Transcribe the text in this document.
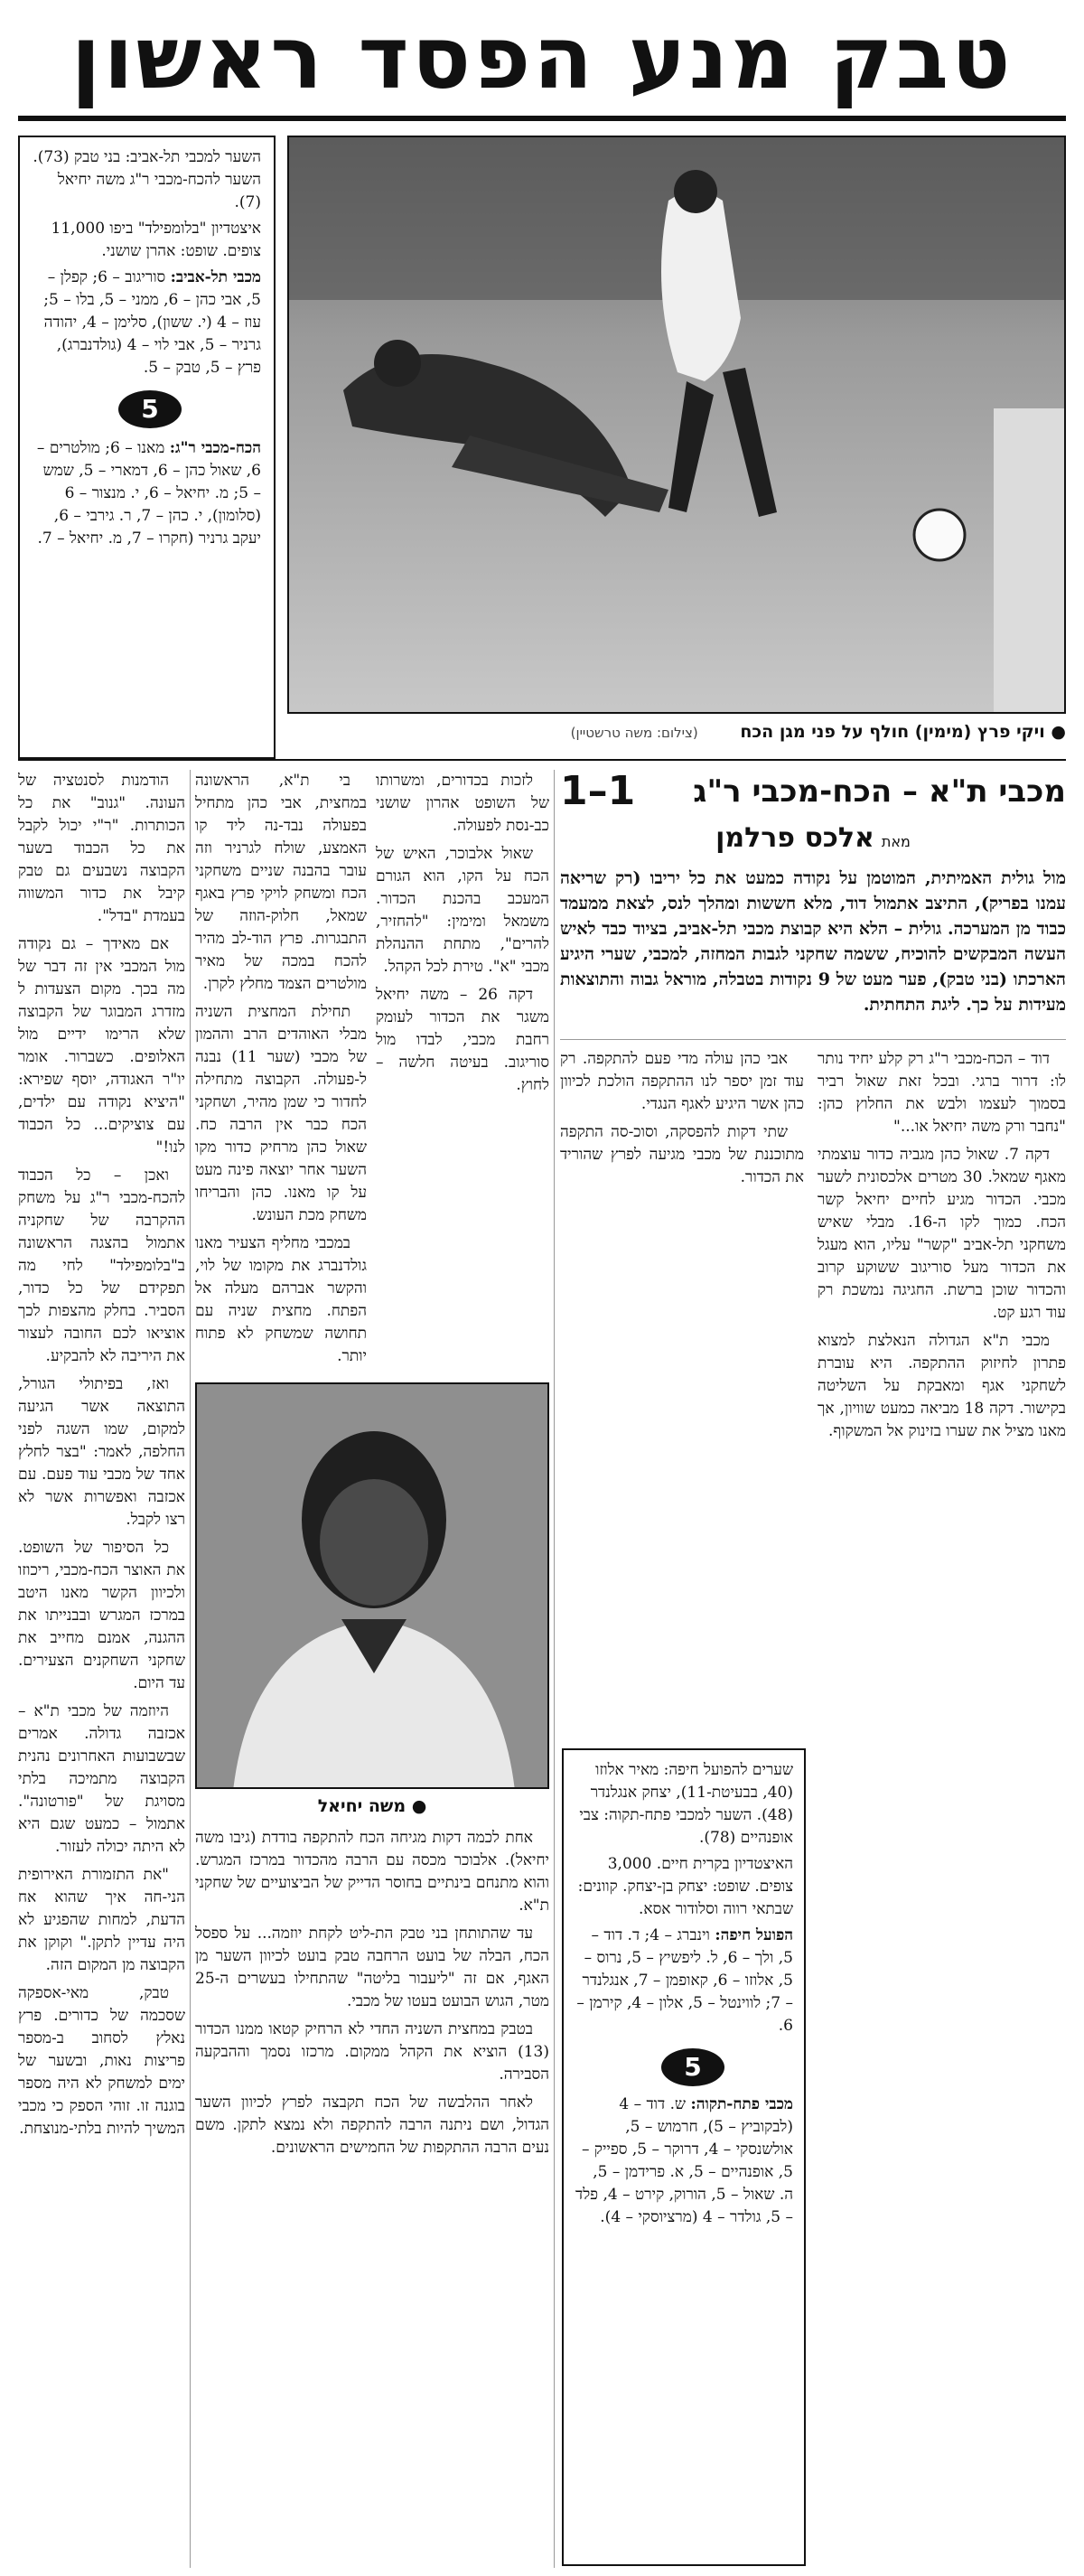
טבק מנע הפסד ראשון

השער למכבי תל-אביב: בני טבק (73). השער להכח-מכבי ר"ג משה יחיאל (7).

איצטדיון "בלומפילד" ביפו 11,000 צופים. שופט: אהרן שושני.

מכבי תל-אביב: סוריגוב – 6; קפלן – 5, אבי כהן – 6, ממני – 5, בלו – 5; עוז – 4 (י. ששון), סלימן – 4, יהודה גרניר – 5, אבי לוי – 4 (גולדנברג), פרץ – 5, טבק – 5.

5

הכח-מכבי ר"ג: מאנו – 6; מולטרים – 6, שאול כהן – 6, דמארי – 5, שמש – 5; מ. יחיאל – 6, י. מנצור – 6 (סלומון), י. כהן – 7, ר. גירבי – 6, יעקב גרניר (חקרו – 7, מ. יחיאל – 7.

● ויקי פרץ (מימין) חולף על פני מגן הכח (צילום: משה טרשטיין)
מכבי ת"א – הכח-מכבי ר"ג
1–1
מאתאלכס פרלמן
מול גולית האמיתית, המוטמן על נקודה כמעט את כל יריבו (רק שריאה עמנו בפריק), התיצב אתמול דוד, מלא חששות ומהלך לנס, לצאת ממעמד כבוד מן המערכה. גולית – הלא היא קבוצת מכבי תל-אביב, בציוד כבד לאיש העשה המבקשים להוכיח, ששמה שחקני לגבות המחזה, למכבי, שערי היגיע הארכתו (בני טבק), פער מעט של 9 נקודות בטבלה, מוראל גבוה והתוצאות מעידות על כך. ליגת התחתית.

הודמנות לסנטציה של העונה. "גנוב" את כל הכותרות. "ר"י יכול לקבל את כל הכבוד בשער הקבוצה נשבעים גם טבק קיבל את כדור המשווה בעמדת "בדל".

אם מאידך – גם נקודה מול המכבי אין זה דבר של מה בכך. מקום הצעדות ל מזדרג המבוגר של הקבוצה שלא הרימו ידיים מול האלופים. כשברור. אומר יו"ר האגודה, יוסף שפירא: "היציא נקודה עם ילדים, עם צוציקים... כל הכבוד לנו!"

ואכן – כל הכבוד להכח-מכבי ר"ג על משחק ההקרבה של שחקניה אתמול בהצגה הראשונה ב"בלומפילד" לחי מה תפקידם של כל כדור, הסביר. בחלק מהצפות לכך אוציאו לכם החובה לעצור את היריבה לא להבקיע.

ואז, בפיתולי הגורל, התוצאה אשר הגיעה למקום, שמו השגה לפני החלפה, לאמר: "בצר לחלץ אחד של מכבי עוד פעם. עם אכזבה ואפשרות אשר לא רצו לקבל.

כל הסיפור של השופט. את האוצר הכח-מכבי, ריכוזו ולכיוון הקשר מאנו היטב במרכז המגרש ובבנייתו את ההגנה, אמנם מחייב את שחקני השחקנים הצעירים. עד היום.

היוזמה של מכבי ת"א – אכזבה גדולה. אמרים שבשבועות האחרונים נהנית הקבוצה מתמיכה בלתי מסויגת של "פורטונה". אתמול – כמעט שגם היא לא היתה יכולה לעזור.

"את התזמורת האירופית הני-חה איך שהוא אח הדעת, למחות שהפגיע לא היה עדיין לתקן." וקוקן את הקבוצה מן המקום הזה.

טבק, מאי-אספקה שסכמה של כדורים. פרץ נאלץ לסחוב ב-מספר פריצות נאות, ובשער של ימים למשחק לא היה מספר בוגנה זו. זוהי הספק כי מכבי המשיך להיות בלתי-מנוצחת.

בי ת"א, הראשונה במחצית, אבי כהן מתחיל בפעולה נבד-נה ליד קו האמצע, שולח לגרניר וזה עובר בהבנה שניים משחקני הכח ומשחק לויקי פרץ באגף שמאל, חלוק-הוזה של התבגרות. פרץ הוד-לב מהיר להכח במכה של מאיר מולטרים הצמד מחלץ לקרן.

תחילת המחצית השניה מבלי האוהדים הרב וההמון של מכבי (שער 11) נבנה ל-פעולה. הקבוצה מתחילה לחדור כי שמן מהיר, ושחקני הכח כבר אין הרבה כח. שאול כהן מרחיק כדור מקו השער אחר יוצאה פינה מעט על קו מאנו. כהן והבריחו משחק מכת העונש.

במכבי מחליף הצעיר מאנו גולדנברג את מקומו של לוי, והקשר אברהם מעלה אל הפתח. מחצית שניה עם תחושה שמשחק לא פתוח יותר.

● משה יחיאל

אחת לכמה דקות מגיחה הכח להתקפה בודדת (גיבו משה יחיאל). אלבוכר מכסה עם הרבה מהכדור במרכז המגרש. והוא מתנחם בינתיים בחוסר הדייק של הביצועיים של שחקני ת"א.

עד שהתותחן בני טבק הת-ליט לקחת יוזמה... על ספסל הכח, הבלה של בועט הרחבה טבק בועט לכיוון השער מן האגף, אם זה "ליעבור בליטה" שהתחילו בעשרים ה-25 מטר, הגוש הבועט בעטו של מכבי.

בטבק במחצית השניה החדי לא הרחיק קטאו ממנו הכדור (13) הוציא את הקהל ממקום. מרכזו נסמך וההבקעה הסבירה.

לאחר ההלבשה של הכח תקבצה לפרץ לכיוון השער הגדול, ושם ניתנה הרבה להתקפה ולא נמצא לתקן. משם נעים הרבה ההתקפות של החמישים הראשונים.

לזכות בכדורים, ומשרותו של השופט אהרון שושני כב-נסת לפעולה.

שאול אלבוכר, האיש של הכח על הקו, הוא הגורם המעכב בהכנת הכדור. משמאל ומימין: "להחזיר, להרים", מתחת ההנהלת מכבי "א". טירת לכל הקהל.

דקה 26 – משה יחיאל משגר את הכדור לעומק רחבת מכבי, לבדו מול סוריגוב. בעיטה חלשה – לחוץ.

אבי כהן עולה מדי פעם להתקפה. רק עוד זמן יספר לנו ההתקפה הולכת לכיוון כהן אשר היגיע לאגף הנגדי.

שתי דקות להפסקה, וסוכ-סה התקפה מתוכננת של מכבי מגיעה לפרץ שהוריד את הכדור.

דוד – הכח-מכבי ר"ג רק קלע יחיד נותר לו: דרור ברגי. ובכל זאת שאול רביר בסמוך לעצמו ולבש את החלוץ כהן: "נחבר ורק משה יחיאל או..."

דקה 7. שאול כהן מגביה כדור עוצמתי מאגף שמאל. 30 מטרים אלכסונית לשער מכבי. הכדור מגיע לחיים יחיאל קשר הכח. כמוך לקו ה-16. מבלי שאיש משחקני תל-אביב "קשר" עליו, הוא מעגל את הכדור מעל סוריגוב ששוקע קרוב והכדור שוכן ברשת. החגיגה נמשכת רק עוד רגע קט.

מכבי ת"א הגדולה הנאלצת למצוא פתרון לחיזוק ההתקפה. היא עוברת לשחקני אגף ומאבקת על השליטה בקישור. דקה 18 מביאה כמעט שוויון, אך מאנו מציל את שערו בזינוק אל המשקוף.

שערים להפועל חיפה: מאיר אלוזו (40, בבעיטת-11), יצחק אנגלנדר (48). השער למכבי פתח-תקוה: צבי אופנהיים (78).

האיצטדיון בקרית חיים. 3,000 צופים. שופט: יצחק בן-יצחק. קוונים: שבתאי רווה וסלודור אסא.

הפועל חיפה: וינברג – 4; ד. דוד – 5, ולך – 6, ל. ליפשיץ – 5, נרוס – 5, אלוזו – 6, קאופמן – 7, אנגלנדר – 7; לווינטל – 5, אלון – 4, קירמן – 6.

5

מכבי פתח-תקוה: ש. דוד – 4 (לבקוביץ – 5), חרמוש – 5, אולשנסקי – 4, דרוקר – 5, ספייק – 5, אופנהיים – 5, א. פרידמן – 5, ה. שאול – 5, הורוק, קירט – 4, פלד – 5, גולדר – 4 (מרציוסקי – 4).
